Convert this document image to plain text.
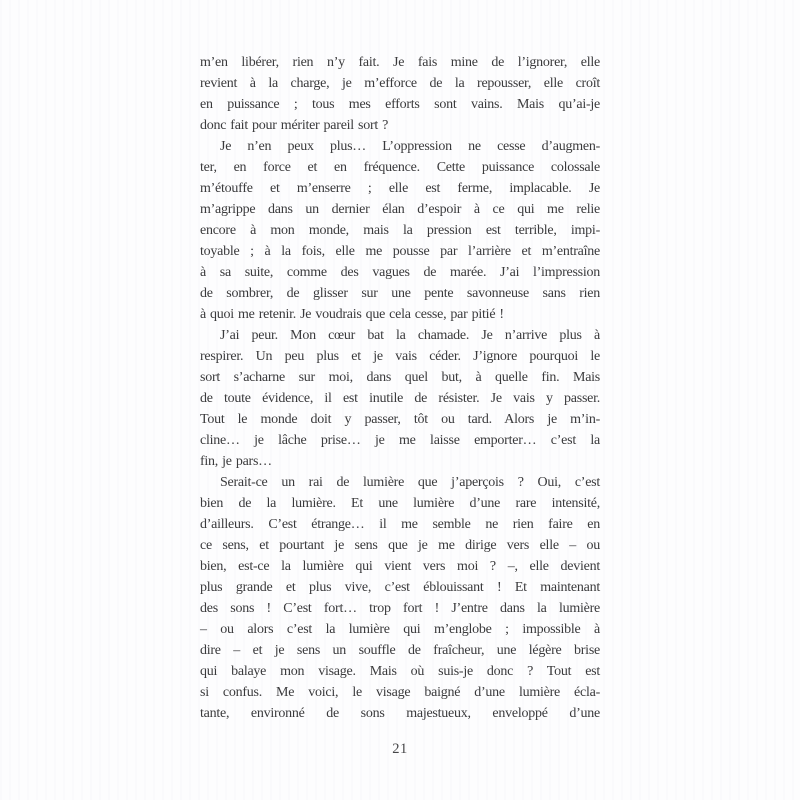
m’en libérer, rien n’y fait. Je fais mine de l’ignorer, elle
revient à la charge, je m’efforce de la repousser, elle croît
en puissance ; tous mes efforts sont vains. Mais qu’ai-je
donc fait pour mériter pareil sort ?
Je n’en peux plus… L’oppression ne cesse d’augmen-
ter, en force et en fréquence. Cette puissance colossale
m’étouffe et m’enserre ; elle est ferme, implacable. Je
m’agrippe dans un dernier élan d’espoir à ce qui me relie
encore à mon monde, mais la pression est terrible, impi-
toyable ; à la fois, elle me pousse par l’arrière et m’entraîne
à sa suite, comme des vagues de marée. J’ai l’impression
de sombrer, de glisser sur une pente savonneuse sans rien
à quoi me retenir. Je voudrais que cela cesse, par pitié !
J’ai peur. Mon cœur bat la chamade. Je n’arrive plus à
respirer. Un peu plus et je vais céder. J’ignore pourquoi le
sort s’acharne sur moi, dans quel but, à quelle fin. Mais
de toute évidence, il est inutile de résister. Je vais y passer.
Tout le monde doit y passer, tôt ou tard. Alors je m’in-
cline… je lâche prise… je me laisse emporter… c’est la
fin, je pars…
Serait-ce un rai de lumière que j’aperçois ? Oui, c’est
bien de la lumière. Et une lumière d’une rare intensité,
d’ailleurs. C’est étrange… il me semble ne rien faire en
ce sens, et pourtant je sens que je me dirige vers elle – ou
bien, est-ce la lumière qui vient vers moi ? –, elle devient
plus grande et plus vive, c’est éblouissant ! Et maintenant
des sons ! C’est fort… trop fort ! J’entre dans la lumière
– ou alors c’est la lumière qui m’englobe ; impossible à
dire – et je sens un souffle de fraîcheur, une légère brise
qui balaye mon visage. Mais où suis-je donc ? Tout est
si confus. Me voici, le visage baigné d’une lumière écla-
tante, environné de sons majestueux, enveloppé d’une
21
